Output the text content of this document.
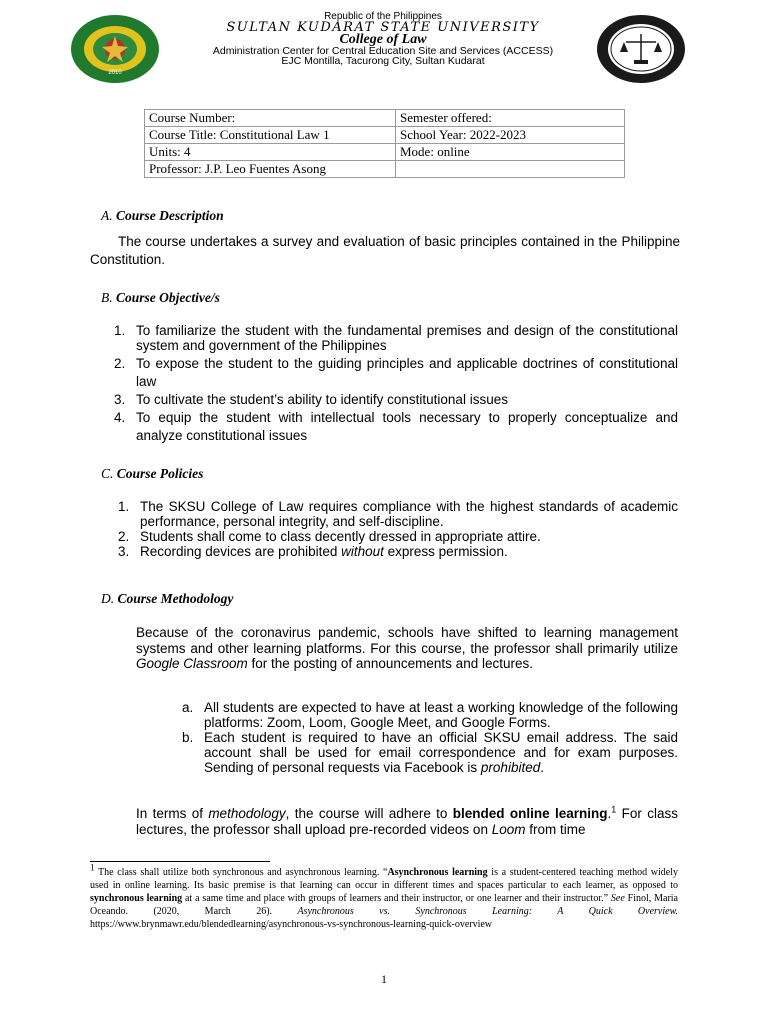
2010
Republic of the Philippines
SULTAN KUDARAT STATE UNIVERSITY
College of Law
Administration Center for Central Education Site and Services (ACCESS)
EJC Montilla, Tacurong City, Sultan Kudarat
Course Number:	Semester offered:
Course Title: Constitutional Law 1	School Year: 2022-2023
Units: 4	Mode: online
Professor: J.P. Leo Fuentes Asong	
A. Course Description
The course undertakes a survey and evaluation of basic principles contained in the Philippine Constitution.
B. Course Objective/s
1. To familiarize the student with the fundamental premises and design of the constitutional system and government of the Philippines
2. To expose the student to the guiding principles and applicable doctrines of constitutional law
3. To cultivate the student’s ability to identify constitutional issues
4. To equip the student with intellectual tools necessary to properly conceptualize and analyze constitutional issues
C. Course Policies
1. The SKSU College of Law requires compliance with the highest standards of academic performance, personal integrity, and self-discipline.
2. Students shall come to class decently dressed in appropriate attire.
3. Recording devices are prohibited without express permission.
D. Course Methodology
Because of the coronavirus pandemic, schools have shifted to learning management systems and other learning platforms. For this course, the professor shall primarily utilize Google Classroom for the posting of announcements and lectures.
a. All students are expected to have at least a working knowledge of the following platforms: Zoom, Loom, Google Meet, and Google Forms.
b. Each student is required to have an official SKSU email address. The said account shall be used for email correspondence and for exam purposes. Sending of personal requests via Facebook is prohibited.
In terms of methodology, the course will adhere to blended online learning.$^1$ For class lectures, the professor shall upload pre-recorded videos on Loom from time
$^1$ The class shall utilize both synchronous and asynchronous learning. “Asynchronous learning is a student-centered teaching method widely used in online learning. Its basic premise is that learning can occur in different times and spaces particular to each learner, as opposed to synchronous learning at a same time and place with groups of learners and their instructor, or one learner and their instructor.” See Finol, Maria Oceando. (2020, March 26). Asynchronous vs. Synchronous Learning: A Quick Overview. https://www.brynmawr.edu/blendedlearning/asynchronous-vs-synchronous-learning-quick-overview
1
